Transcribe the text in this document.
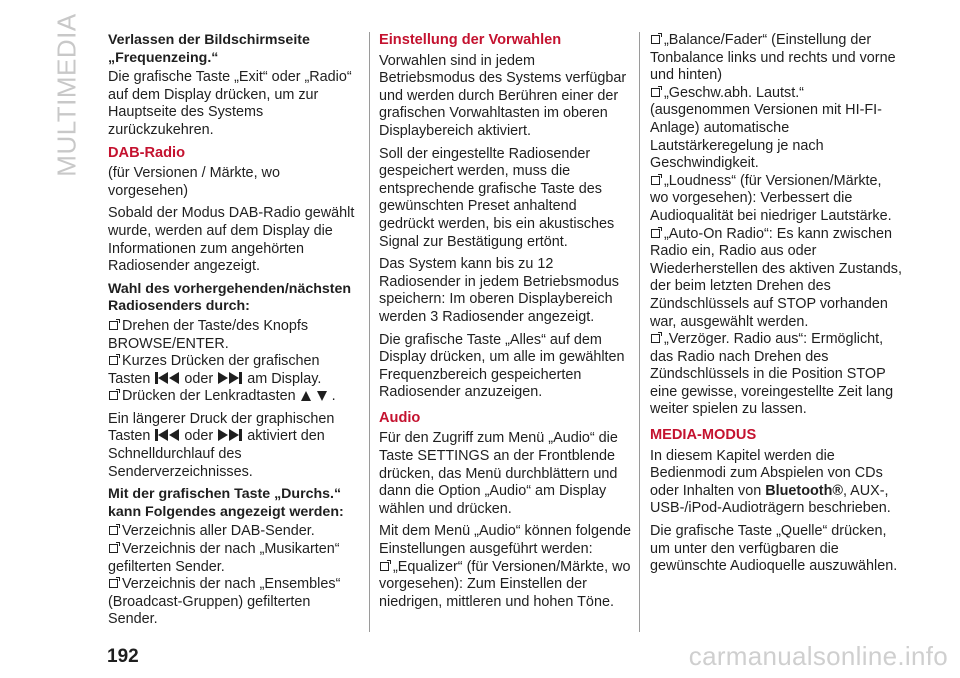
MULTIMEDIA Verlassen der Bildschirmseite „Frequenzeing.“

Die grafische Taste „Exit“ oder „Radio“ auf dem Display drücken, um zur Hauptseite des Systems zurückzukehren.

DAB-Radio

(für Versionen / Märkte, wo vorgesehen)

Sobald der Modus DAB-Radio gewählt wurde, werden auf dem Display die Informationen zum angehörten Radiosender angezeigt.

Wahl des vorhergehenden/nächsten Radiosenders durch:
Drehen der Taste/des Knopfs BROWSE/ENTER.
Kurzes Drücken der grafischen Tasten oder am Display.
Drücken der Lenkradtasten	.

Ein längerer Druck der graphischen Tasten oder aktiviert den Schnelldurchlauf des Senderverzeichnisses.

Mit der grafischen Taste „Durchs.“ kann Folgendes angezeigt werden:
Verzeichnis aller DAB-Sender.
Verzeichnis der nach „Musikarten“ gefilterten Sender.
Verzeichnis der nach „Ensembles“ (Broadcast-Gruppen) gefilterten Sender.
Einstellung der Vorwahlen

Vorwahlen sind in jedem Betriebsmodus des Systems verfügbar und werden durch Berühren einer der grafischen Vorwahltasten im oberen Displaybereich aktiviert.

Soll der eingestellte Radiosender gespeichert werden, muss die entsprechende grafische Taste des gewünschten Preset anhaltend gedrückt werden, bis ein akustisches Signal zur Bestätigung ertönt.

Das System kann bis zu 12 Radiosender in jedem Betriebsmodus speichern: Im oberen Displaybereich werden 3 Radiosender angezeigt.

Die grafische Taste „Alles“ auf dem Display drücken, um alle im gewählten Frequenzbereich gespeicherten Radiosender anzuzeigen.

Audio

Für den Zugriff zum Menü „Audio“ die Taste SETTINGS an der Frontblende drücken, das Menü durchblättern und dann die Option „Audio“ am Display wählen und drücken.

Mit dem Menü „Audio“ können folgende Einstellungen ausgeführt werden:

„Equalizer“ (für Versionen/Märkte, wo vorgesehen): Zum Einstellen der niedrigen, mittleren und hohen Töne.
„Balance/Fader“ (Einstellung der Tonbalance links und rechts und vorne und hinten)
„Geschw.abh. Lautst.“ (ausgenommen Versionen mit HI-FI-Anlage) automatische Lautstärkeregelung je nach Geschwindigkeit.
„Loudness“ (für Versionen/Märkte, wo vorgesehen): Verbessert die Audioqualität bei niedriger Lautstärke.
„Auto-On Radio“: Es kann zwischen Radio ein, Radio aus oder Wiederherstellen des aktiven Zustands, der beim letzten Drehen des Zündschlüssels auf STOP vorhanden war, ausgewählt werden.
„Verzöger. Radio aus“: Ermöglicht, das Radio nach Drehen des Zündschlüssels in die Position STOP eine gewisse, voreingestellte Zeit lang weiter spielen zu lassen.
MEDIA-MODUS

In diesem Kapitel werden die Bedienmodi zum Abspielen von CDs oder Inhalten von Bluetooth®, AUX-, USB-/iPod-Audioträgern beschrieben.

Die grafische Taste „Quelle“ drücken, um unter den verfügbaren die gewünschte Audioquelle auszuwählen.

192	carmanualsonline.info
